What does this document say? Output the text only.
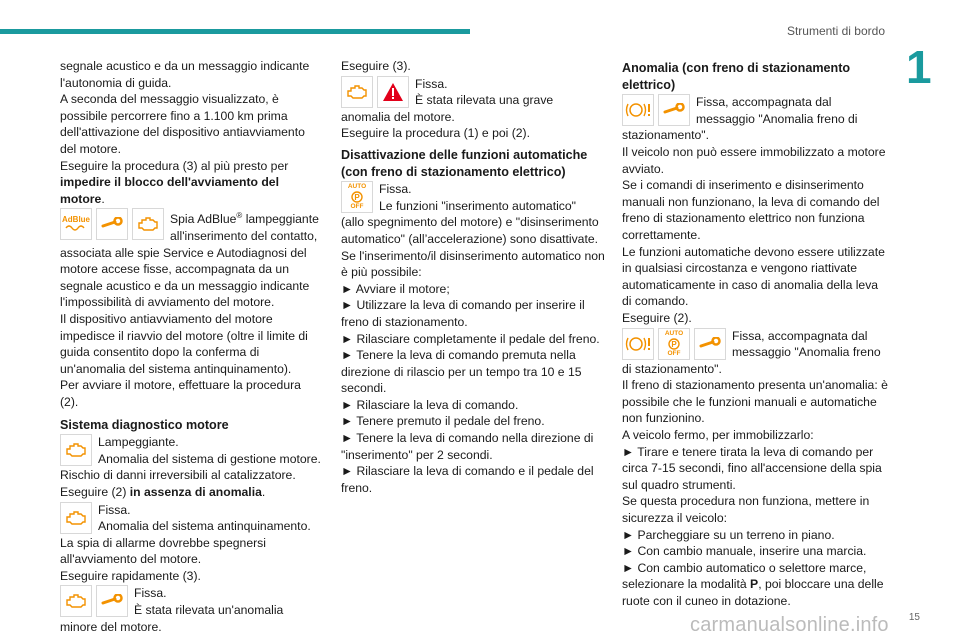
Strumenti di bordo
1

segnale acustico e da un messaggio indicante l'autonomia di guida.

A seconda del messaggio visualizzato, è possibile percorrere fino a 1.100 km prima dell'attivazione del dispositivo antiavviamento del motore.

Eseguire la procedura (3) al più presto per impedire il blocco dell'avviamento del motore.

AdBlue	Spia AdBlue® lampeggiante all'inserimento del contatto,

associata alle spie Service e Autodiagnosi del motore accese fisse, accompagnata da un segnale acustico e da un messaggio indicante l'impossibilità di avviamento del motore.

Il dispositivo antiavviamento del motore impedisce il riavvio del motore (oltre il limite di guida consentito dopo la conferma di un'anomalia del sistema antinquinamento).

Per avviare il motore, effettuare la procedura (2).

Sistema diagnostico motore
Lampeggiante.
Anomalia del sistema di gestione motore.

Rischio di danni irreversibili al catalizzatore.

Eseguire (2) in assenza di anomalia.

Fissa.
Anomalia del sistema antinquinamento.

La spia di allarme dovrebbe spegnersi all'avviamento del motore.

Eseguire rapidamente (3).

Fissa.
È stata rilevata un'anomalia

minore del motore.

Eseguire (3).

Fissa.
È stata rilevata una grave

anomalia del motore.

Eseguire la procedura (1) e poi (2).

Disattivazione delle funzioni automatiche (con freno di stazionamento elettrico)
AUTO
P
OFF
Fissa.
Le funzioni "inserimento automatico"

(allo spegnimento del motore) e "disinserimento automatico" (all’accelerazione) sono disattivate.

Se l'inserimento/il disinserimento automatico non è più possibile:

► Avviare il motore;

► Utilizzare la leva di comando per inserire il freno di stazionamento.

► Rilasciare completamente il pedale del freno.

► Tenere la leva di comando premuta nella direzione di rilascio per un tempo tra 10 e 15 secondi.

► Rilasciare la leva di comando.

► Tenere premuto il pedale del freno.

► Tenere la leva di comando nella direzione di "inserimento" per 2 secondi.

► Rilasciare la leva di comando e il pedale del freno.

Anomalia (con freno di stazionamento elettrico)
Fissa, accompagnata dal messaggio "Anomalia freno di

stazionamento".

Il veicolo non può essere immobilizzato a motore avviato.

Se i comandi di inserimento e disinserimento manuali non funzionano, la leva di comando del freno di stazionamento elettrico non funziona correttamente.

Le funzioni automatiche devono essere utilizzate in qualsiasi circostanza e vengono riattivate automaticamente in caso di anomalia della leva di comando.

Eseguire (2).

AUTO
P
OFF
Fissa, accompagnata dal messaggio "Anomalia freno

di stazionamento".

Il freno di stazionamento presenta un'anomalia: è possibile che le funzioni manuali e automatiche non funzionino.

A veicolo fermo, per immobilizzarlo:

► Tirare e tenere tirata la leva di comando per circa 7-15 secondi, fino all'accensione della spia sul quadro strumenti.

Se questa procedura non funziona, mettere in sicurezza il veicolo:

► Parcheggiare su un terreno in piano.

► Con cambio manuale, inserire una marcia.

► Con cambio automatico o selettore marce, selezionare la modalità P, poi bloccare una delle ruote con il cuneo in dotazione.

carmanualsonline.info 15
